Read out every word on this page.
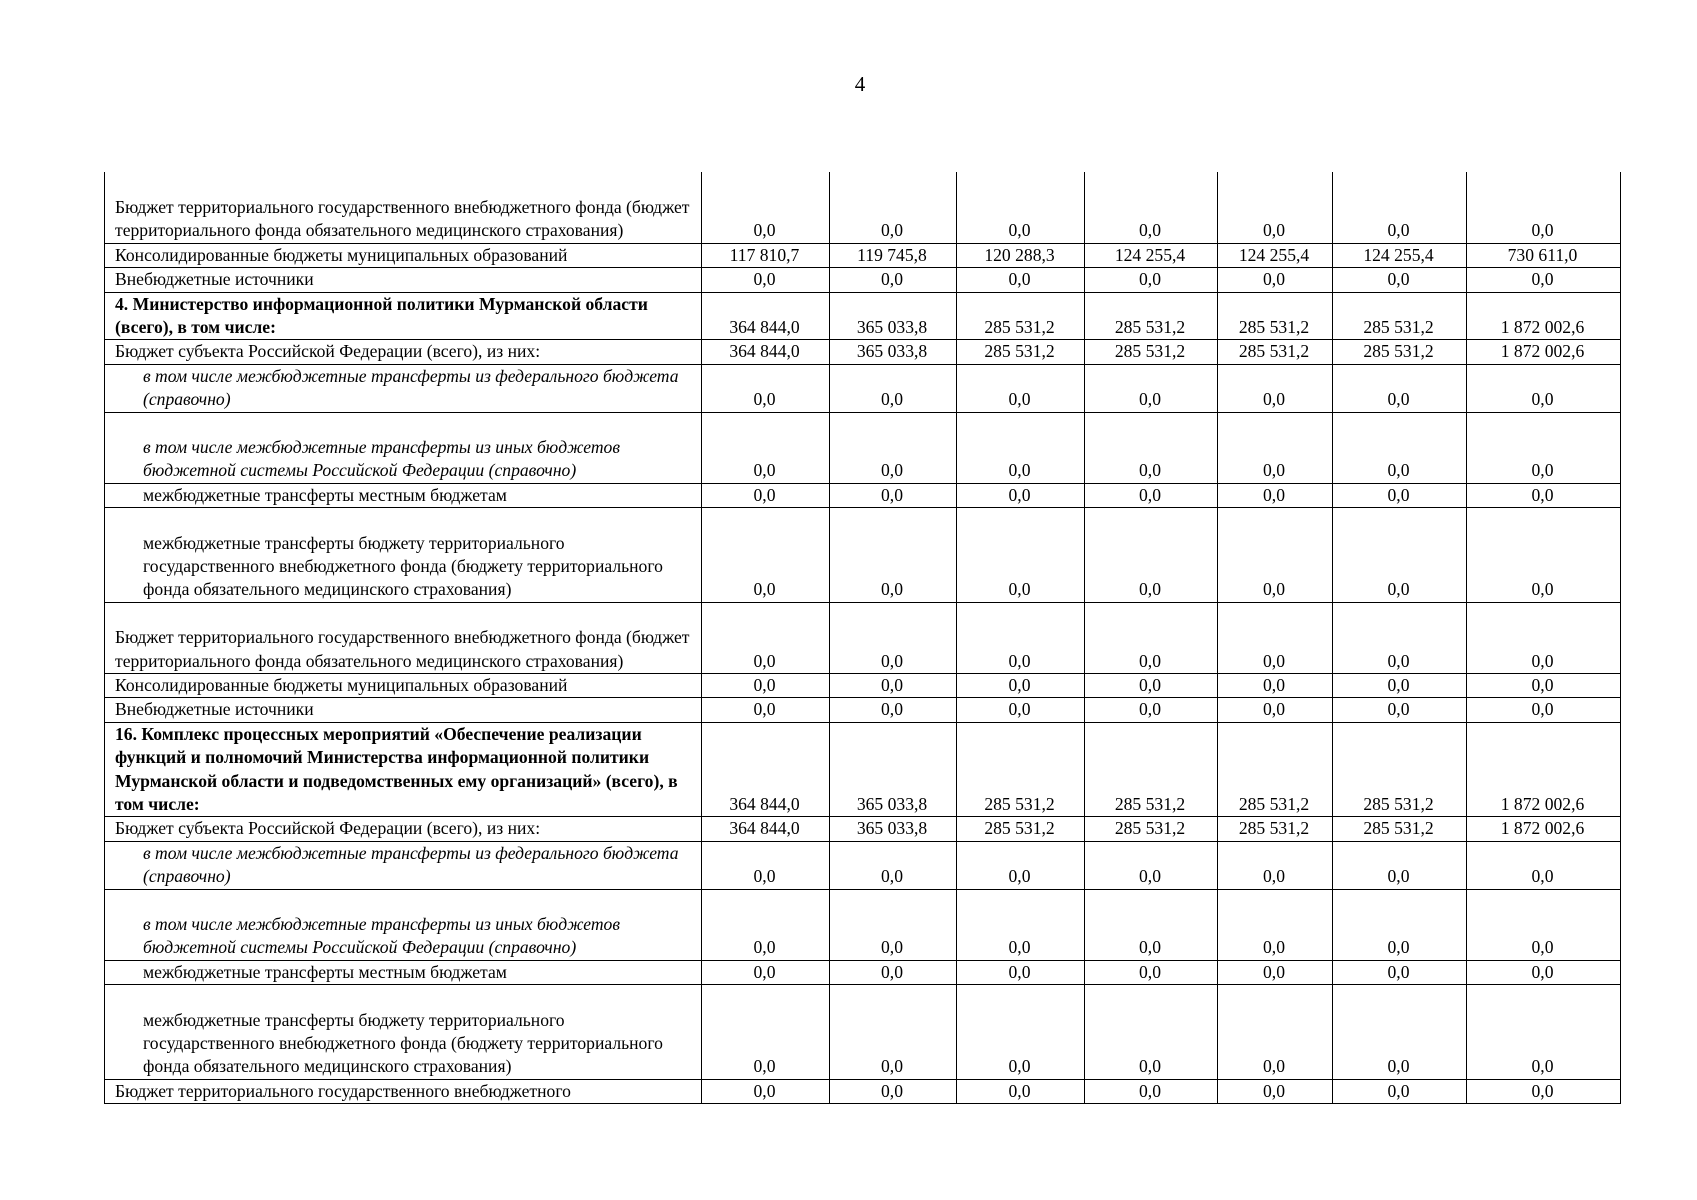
4
Бюджет территориального государственного внебюджетного фонда (бюджет территориального фонда обязательного медицинского страхования)	0,0	0,0	0,0	0,0	0,0	0,0	0,0
Консолидированные бюджеты муниципальных образований	117 810,7	119 745,8	120 288,3	124 255,4	124 255,4	124 255,4	730 611,0
Внебюджетные источники	0,0	0,0	0,0	0,0	0,0	0,0	0,0
4. Министерство информационной политики Мурманской области (всего), в том числе:	364 844,0	365 033,8	285 531,2	285 531,2	285 531,2	285 531,2	1 872 002,6
Бюджет субъекта Российской Федерации (всего), из них:	364 844,0	365 033,8	285 531,2	285 531,2	285 531,2	285 531,2	1 872 002,6
в том числе межбюджетные трансферты из федерального бюджета (справочно)	0,0	0,0	0,0	0,0	0,0	0,0	0,0
в том числе межбюджетные трансферты из иных бюджетов бюджетной системы Российской Федерации (справочно)	0,0	0,0	0,0	0,0	0,0	0,0	0,0
межбюджетные трансферты местным бюджетам	0,0	0,0	0,0	0,0	0,0	0,0	0,0
межбюджетные трансферты бюджету территориального государственного внебюджетного фонда (бюджету территориального фонда обязательного медицинского страхования)	0,0	0,0	0,0	0,0	0,0	0,0	0,0
Бюджет территориального государственного внебюджетного фонда (бюджет территориального фонда обязательного медицинского страхования)	0,0	0,0	0,0	0,0	0,0	0,0	0,0
Консолидированные бюджеты муниципальных образований	0,0	0,0	0,0	0,0	0,0	0,0	0,0
Внебюджетные источники	0,0	0,0	0,0	0,0	0,0	0,0	0,0
16. Комплекс процессных мероприятий «Обеспечение реализации функций и полномочий Министерства информационной политики Мурманской области и подведомственных ему организаций» (всего), в том числе:	364 844,0	365 033,8	285 531,2	285 531,2	285 531,2	285 531,2	1 872 002,6
Бюджет субъекта Российской Федерации (всего), из них:	364 844,0	365 033,8	285 531,2	285 531,2	285 531,2	285 531,2	1 872 002,6
в том числе межбюджетные трансферты из федерального бюджета (справочно)	0,0	0,0	0,0	0,0	0,0	0,0	0,0
в том числе межбюджетные трансферты из иных бюджетов бюджетной системы Российской Федерации (справочно)	0,0	0,0	0,0	0,0	0,0	0,0	0,0
межбюджетные трансферты местным бюджетам	0,0	0,0	0,0	0,0	0,0	0,0	0,0
межбюджетные трансферты бюджету территориального государственного внебюджетного фонда (бюджету территориального фонда обязательного медицинского страхования)	0,0	0,0	0,0	0,0	0,0	0,0	0,0
Бюджет территориального государственного внебюджетного	0,0	0,0	0,0	0,0	0,0	0,0	0,0
